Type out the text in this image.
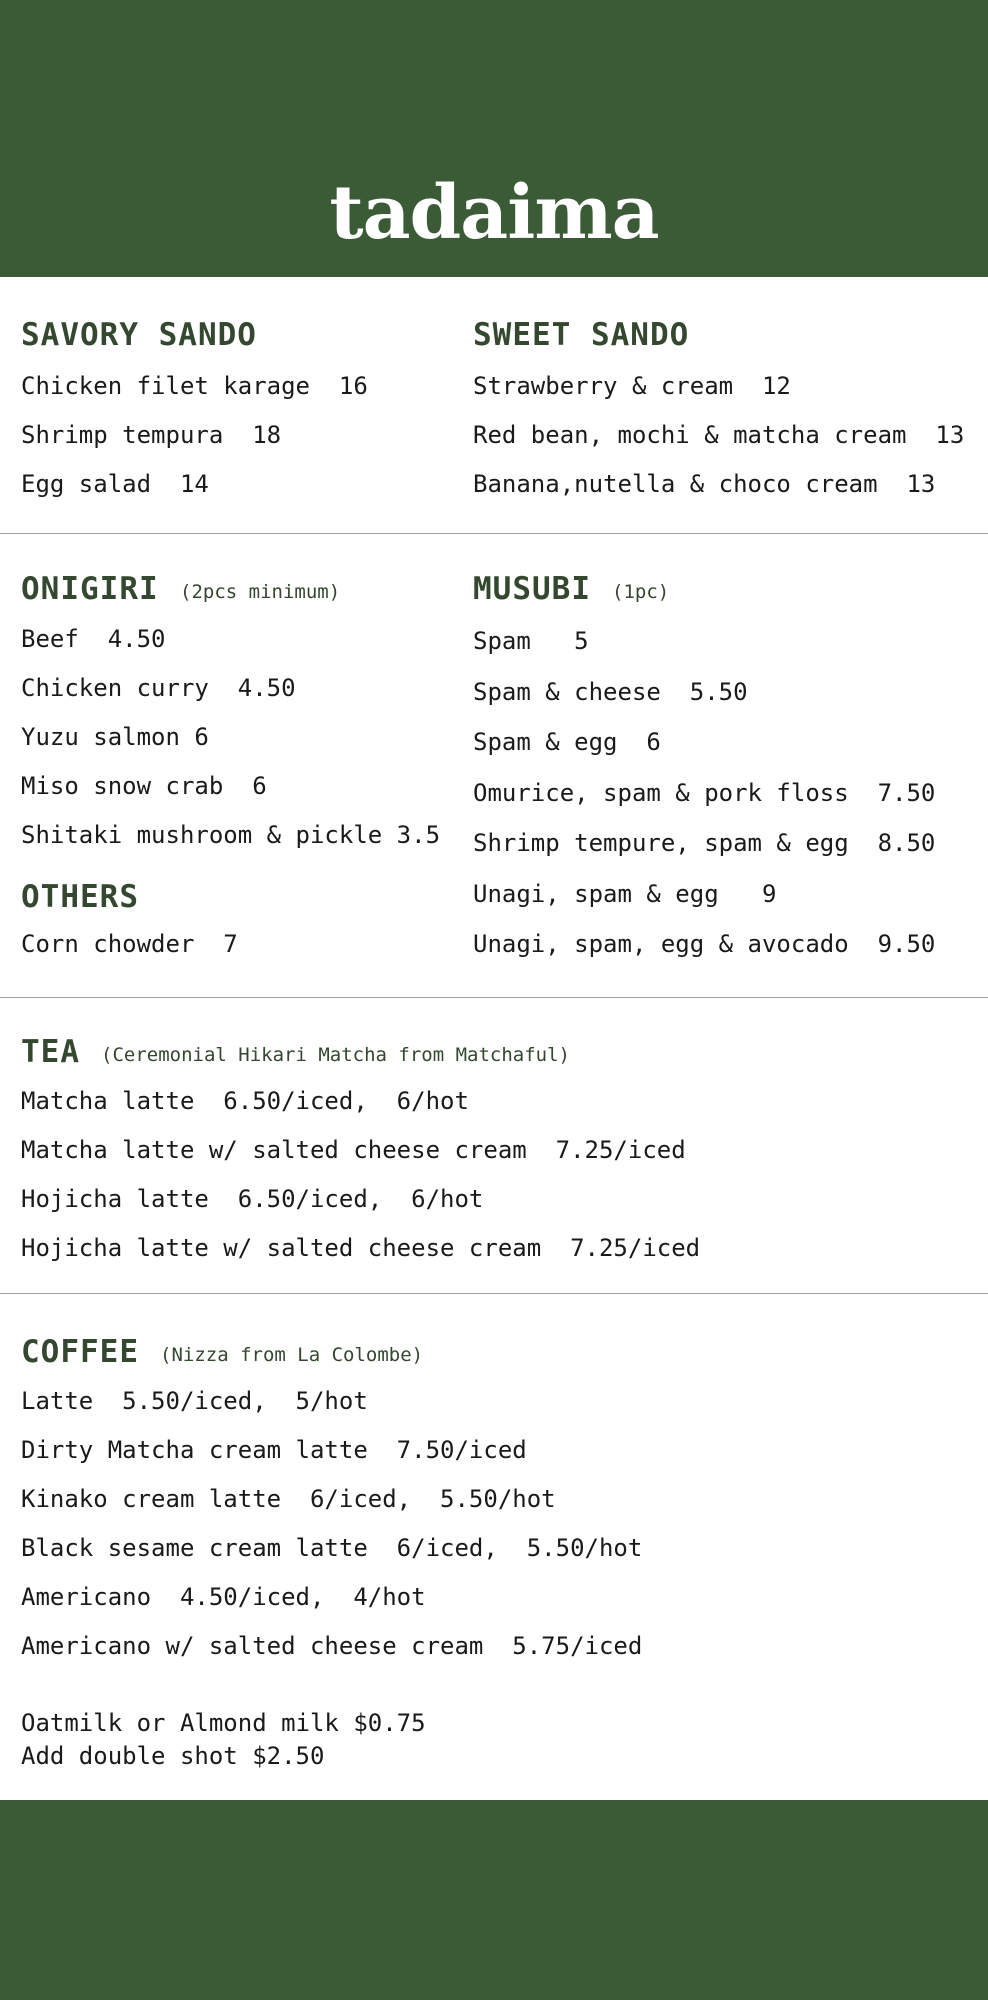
tadaima
SAVORY SANDO
Chicken filet karage  16
Shrimp tempura  18
Egg salad  14
SWEET SANDO
Strawberry & cream  12
Red bean, mochi & matcha cream  13
Banana,nutella & choco cream  13
ONIGIRI (2pcs minimum)
Beef  4.50
Chicken curry  4.50
Yuzu salmon 6
Miso snow crab  6
Shitaki mushroom & pickle 3.5
OTHERS
Corn chowder  7
MUSUBI (1pc)
Spam   5
Spam & cheese  5.50
Spam & egg  6
Omurice, spam & pork floss  7.50
Shrimp tempure, spam & egg  8.50
Unagi, spam & egg   9
Unagi, spam, egg & avocado  9.50
TEA (Ceremonial Hikari Matcha from Matchaful)
Matcha latte  6.50/iced,  6/hot
Matcha latte w/ salted cheese cream  7.25/iced
Hojicha latte  6.50/iced,  6/hot
Hojicha latte w/ salted cheese cream  7.25/iced
COFFEE (Nizza from La Colombe)
Latte  5.50/iced,  5/hot
Dirty Matcha cream latte  7.50/iced
Kinako cream latte  6/iced,  5.50/hot
Black sesame cream latte  6/iced,  5.50/hot
Americano  4.50/iced,  4/hot
Americano w/ salted cheese cream  5.75/iced
Oatmilk or Almond milk $0.75
Add double shot $2.50
